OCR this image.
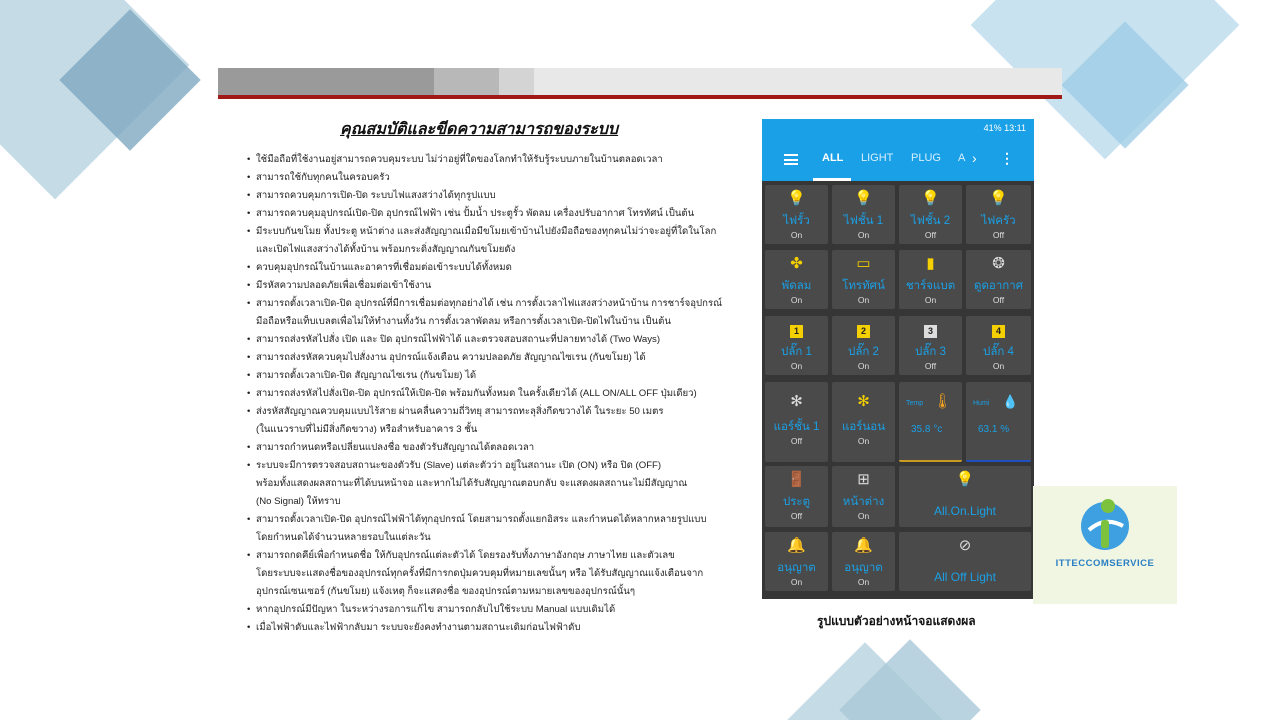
คุณสมบัติและขีดความสามารถของระบบ
• ใช้มือถือที่ใช้งานอยู่สามารถควบคุมระบบ ไม่ว่าอยู่ที่ใดของโลกทำให้รับรู้ระบบภายในบ้านตลอดเวลา
• สามารถใช้กับทุกคนในครอบครัว
• สามารถควบคุมการเปิด-ปิด ระบบไฟแสงสว่างได้ทุกรูปแบบ
• สามารถควบคุมอุปกรณ์เปิด-ปิด อุปกรณ์ไฟฟ้า เช่น ปั้มน้ำ ประตูรั้ว พัดลม เครื่องปรับอากาศ โทรทัศน์ เป็นต้น
• มีระบบกันขโมย ทั้งประตู หน้าต่าง และส่งสัญญาณเมื่อมีขโมยเข้าบ้านไปยังมือถือของทุกคนไม่ว่าจะอยู่ที่ใดในโลก
และเปิดไฟแสงสว่างได้ทั้งบ้าน พร้อมกระดิ่งสัญญาณกันขโมยดัง
• ควบคุมอุปกรณ์ในบ้านและอาคารที่เชื่อมต่อเข้าระบบได้ทั้งหมด
• มีรหัสความปลอดภัยเพื่อเชื่อมต่อเข้าใช้งาน
• สามารถตั้งเวลาเปิด-ปิด อุปกรณ์ที่มีการเชื่อมต่อทุกอย่างได้ เช่น การตั้งเวลาไฟแสงสว่างหน้าบ้าน การชาร์จอุปกรณ์
มือถือหรือแท็บเบลตเพื่อไม่ให้ทำงานทั้งวัน การตั้งเวลาพัดลม หรือการตั้งเวลาเปิด-ปิดไฟในบ้าน เป็นต้น
• สามารถส่งรหัสไปสั่ง เปิด และ ปิด อุปกรณ์ไฟฟ้าได้ และตรวจสอบสถานะที่ปลายทางได้ (Two Ways)
• สามารถส่งรหัสควบคุมไปสั่งงาน อุปกรณ์แจ้งเตือน ความปลอดภัย สัญญาณไซเรน (กันขโมย) ได้
• สามารถตั้งเวลาเปิด-ปิด สัญญาณไซเรน (กันขโมย) ได้
• สามารถส่งรหัสไปสั่งเปิด-ปิด อุปกรณ์ให้เปิด-ปิด พร้อมกันทั้งหมด ในครั้งเดียวได้ (ALL ON/ALL OFF ปุ่มเดียว)
• ส่งรหัสสัญญาณควบคุมแบบไร้สาย ผ่านคลื่นความถี่วิทยุ สามารถทะลุสิ่งกีดขวางได้ ในระยะ 50 เมตร
(ในแนวราบที่ไม่มีสิ่งกีดขวาง) หรือสำหรับอาคาร 3 ชั้น
• สามารถกำหนดหรือเปลี่ยนแปลงชื่อ ของตัวรับสัญญาณได้ตลอดเวลา
• ระบบจะมีการตรวจสอบสถานะของตัวรับ (Slave) แต่ละตัวว่า อยู่ในสถานะ เปิด (ON) หรือ ปิด (OFF)
พร้อมทั้งแสดงผลสถานะที่ได้บนหน้าจอ และหากไม่ได้รับสัญญาณตอบกลับ จะแสดงผลสถานะไม่มีสัญญาณ
(No Signal) ให้ทราบ
• สามารถตั้งเวลาเปิด-ปิด อุปกรณ์ไฟฟ้าได้ทุกอุปกรณ์ โดยสามารถตั้งแยกอิสระ และกำหนดได้หลากหลายรูปแบบ
โดยกำหนดได้จำนวนหลายรอบในแต่ละวัน
• สามารถกดคีย์เพื่อกำหนดชื่อ ให้กับอุปกรณ์แต่ละตัวได้ โดยรองรับทั้งภาษาอังกฤษ ภาษาไทย และตัวเลข
โดยระบบจะแสดงชื่อของอุปกรณ์ทุกครั้งที่มีการกดปุ่มควบคุมที่หมายเลขนั้นๆ หรือ ได้รับสัญญาณแจ้งเตือนจาก
อุปกรณ์เซนเซอร์ (กันขโมย) แจ้งเหตุ ก็จะแสดงชื่อ ของอุปกรณ์ตามหมายเลขของอุปกรณ์นั้นๆ
• หากอุปกรณ์มีปัญหา ในระหว่างรอการแก้ไข สามารถกลับไปใช้ระบบ Manual แบบเดิมได้
• เมื่อไฟฟ้าดับและไฟฟ้ากลับมา ระบบจะยังคงทำงานตามสถานะเดิมก่อนไฟฟ้าดับ
41% 13:11
ALL LIGHT PLUG A › ⋮
💡
ไฟรั้ว
On
💡
ไฟชั้น 1
On
💡
ไฟชั้น 2
Off
💡
ไฟครัว
Off
✤
พัดลม
On
▭
โทรทัศน์
On
▮
ชาร์จแบต
On
❂
ดูดอากาศ
Off
1
ปลั๊ก 1
On
2
ปลั๊ก 2
On
3
ปลั๊ก 3
Off
4
ปลั๊ก 4
On
✻
แอร์ชั้น 1
Off
✻
แอร์นอน
On
Temp 🌡
35.8 °c
Humi 💧
63.1 %
🚪
ประตู
Off
⊞
หน้าต่าง
On
💡
All.On.Light
🔔
อนุญาต
On
🔔
อนุญาต
On
⊘
All Off Light
รูปแบบตัวอย่างหน้าจอแสดงผล
ITTECCOMSERVICE
